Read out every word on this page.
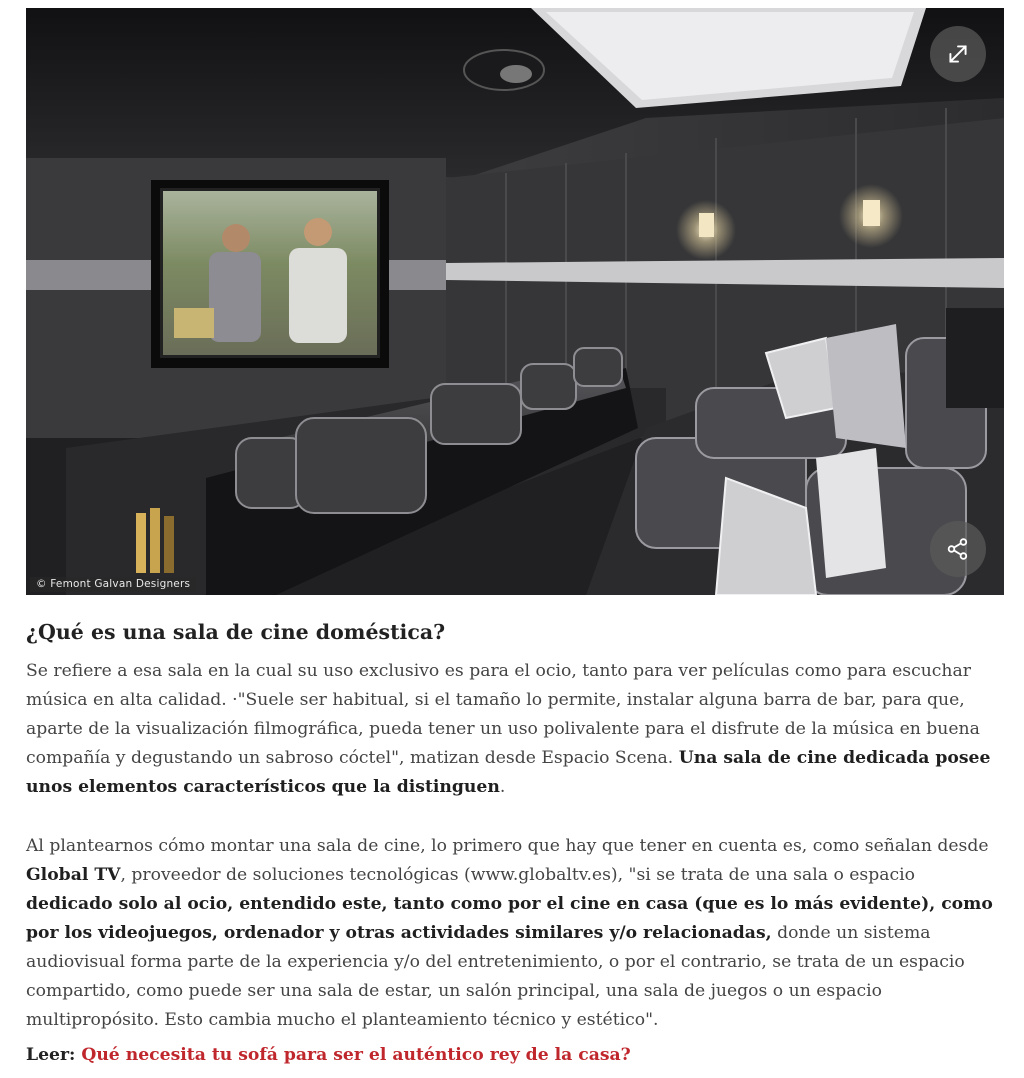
© Femont Galvan Designers
¿Qué es una sala de cine doméstica?

Se refiere a esa sala en la cual su uso exclusivo es para el ocio, tanto para ver películas como para escuchar música en alta calidad. ·"Suele ser habitual, si el tamaño lo permite, instalar alguna barra de bar, para que, aparte de la visualización filmográfica, pueda tener un uso polivalente para el disfrute de la música en buena compañía y degustando un sabroso cóctel", matizan desde Espacio Scena. Una sala de cine dedicada posee unos elementos característicos que la distinguen.

Al plantearnos cómo montar una sala de cine, lo primero que hay que tener en cuenta es, como señalan desde Global TV, proveedor de soluciones tecnológicas (www.globaltv.es), "si se trata de una sala o espacio dedicado solo al ocio, entendido este, tanto como por el cine en casa (que es lo más evidente), como por los videojuegos, ordenador y otras actividades similares y/o relacionadas, donde un sistema audiovisual forma parte de la experiencia y/o del entretenimiento, o por el contrario, se trata de un espacio compartido, como puede ser una sala de estar, un salón principal, una sala de juegos o un espacio multipropósito. Esto cambia mucho el planteamiento técnico y estético".

Leer: Qué necesita tu sofá para ser el auténtico rey de la casa?
